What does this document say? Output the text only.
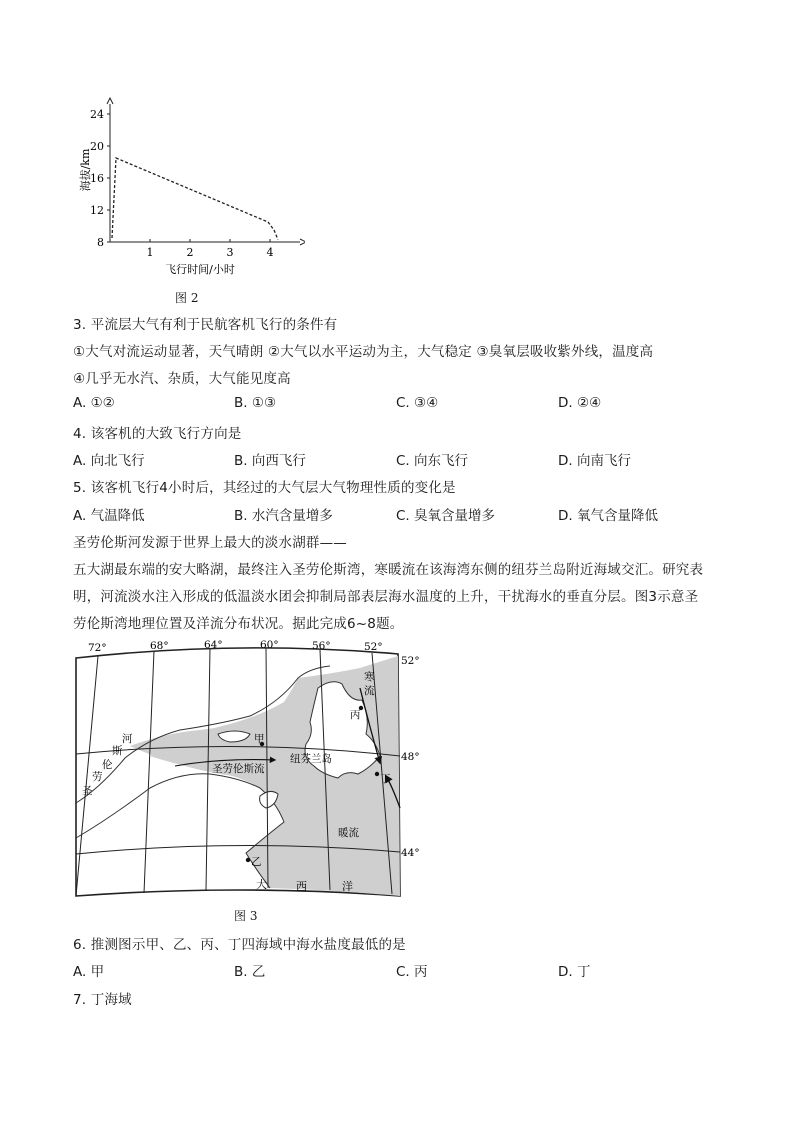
8
12
16
20
24
1	2	3	4
海拔/km
飞行时间/小时
图 2
3. 平流层大气有利于民航客机飞行的条件有
①大气对流运动显著，天气晴朗 ②大气以水平运动为主，大气稳定 ③臭氧层吸收紫外线，温度高
④几乎无水汽、杂质，大气能见度高
A. ①②	B. ①③	C. ③④	D. ②④
4. 该客机的大致飞行方向是
A. 向北飞行	B. 向西飞行	C. 向东飞行	D. 向南飞行
5. 该客机飞行4小时后，其经过的大气层大气物理性质的变化是
A. 气温降低	B. 水汽含量增多	C. 臭氧含量增多	D. 氧气含量降低
圣劳伦斯河发源于世界上最大的淡水湖群——
五大湖最东端的安大略湖，最终注入圣劳伦斯湾，寒暖流在该海湾东侧的纽芬兰岛附近海域交汇。研究表
明，河流淡水注入形成的低温淡水团会抑制局部表层海水温度的上升，干扰海水的垂直分层。图3示意圣
劳伦斯湾地理位置及洋流分布状况。据此完成6~8题。
72°	68°	64°	60°	56°	52°
52°
48°
44°
圣
劳
伦
斯
河
圣劳伦斯流
纽芬兰岛
寒
流
暖流
甲
乙
丙
丁
大	西	洋
图 3
6. 推测图示甲、乙、丙、丁四海域中海水盐度最低的是
A. 甲	B. 乙	C. 丙	D. 丁
7. 丁海域
